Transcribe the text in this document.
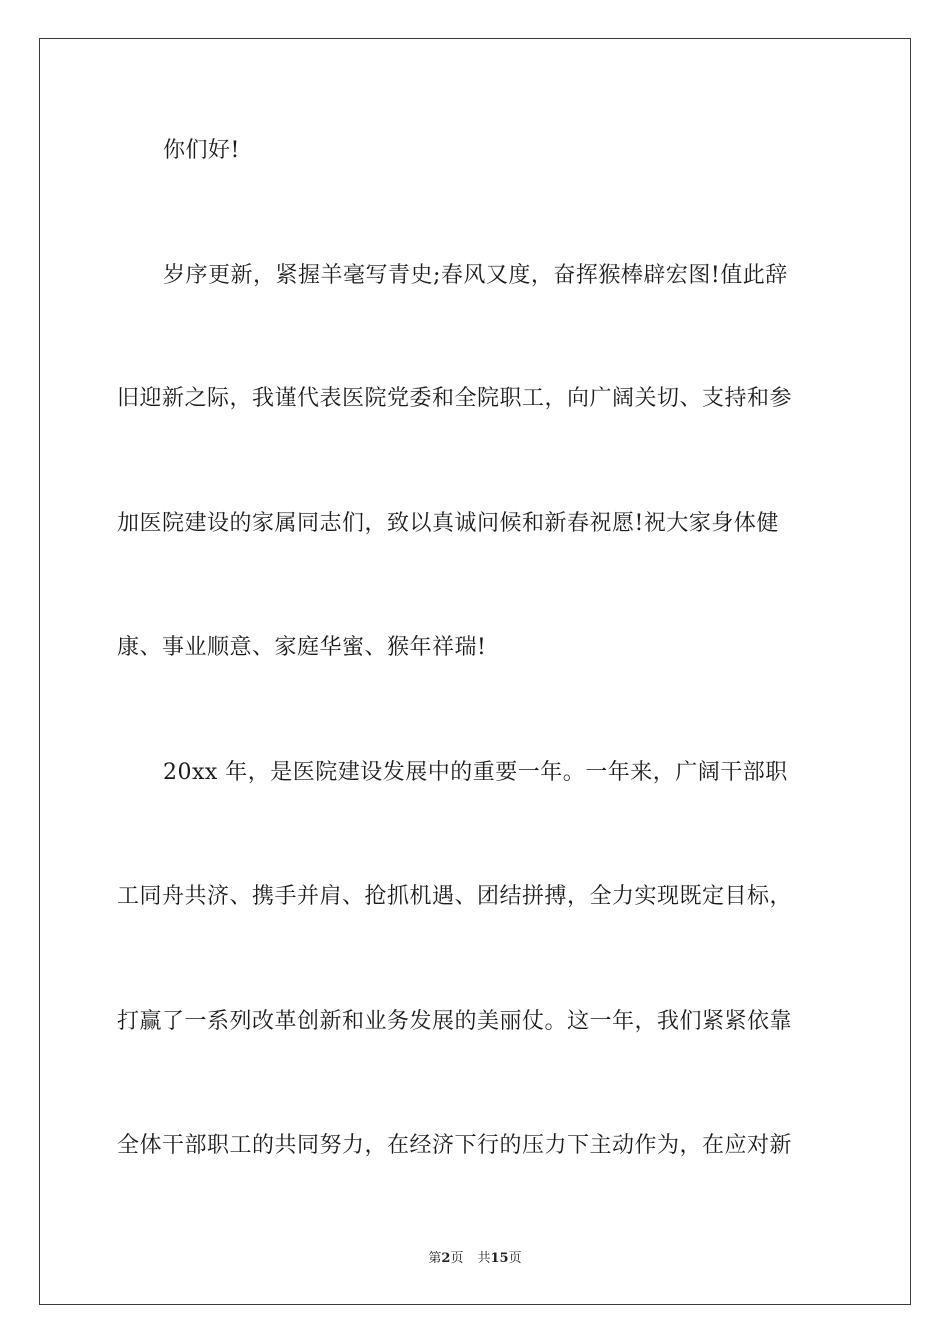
你们好!
岁序更新，紧握羊毫写青史;春风又度，奋挥猴棒辟宏图!值此辞
旧迎新之际，我谨代表医院党委和全院职工，向广阔关切、支持和参
加医院建设的家属同志们，致以真诚问候和新春祝愿!祝大家身体健
康、事业顺意、家庭华蜜、猴年祥瑞!
20xx 年，是医院建设发展中的重要一年。一年来，广阔干部职
工同舟共济、携手并肩、抢抓机遇、团结拼搏，全力实现既定目标，
打赢了一系列改革创新和业务发展的美丽仗。这一年，我们紧紧依靠
全体干部职工的共同努力，在经济下行的压力下主动作为，在应对新
第2页 共15页
